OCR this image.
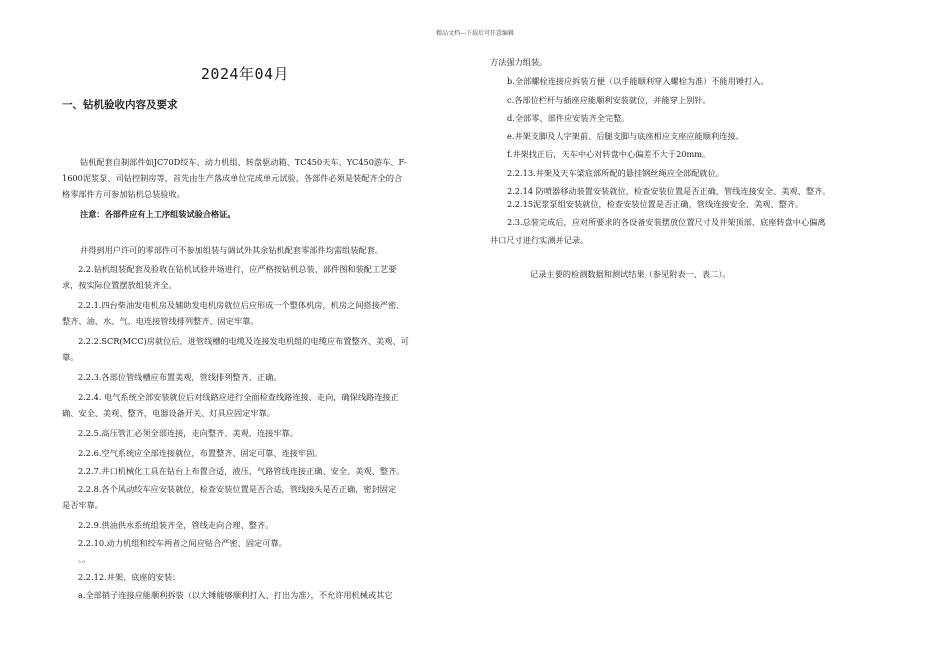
精品文档---下载后可任意编辑
2024年04月
一、钻机验收内容及要求
钻机配套自制部件如JC70D绞车、动力机组、转盘驱动箱、TC450天车、YC450游车、F-
1600泥浆泵、司钻控制房等，首先由生产落成单位完成单元试验，各部件必须是装配齐全的合
格零部件方可参加钻机总装验收。
注意：各部件应有上工序组装试验合格证。
并得到用户许可的零部件可不参加组装与调试外其余钻机配套零部件均需组装配套。
2.2.钻机组装配套及验收在钻机试验井场进行，应严格按钻机总装、部件图和装配工艺要
求，按实际位置摆放组装齐全。
2.2.1.四台柴油发电机房及辅助发电机房就位后应形成一个整体机房，机房之间搭接严密、
整齐、油、水、气、电连接管线排列整齐、固定牢靠。
2.2.2.SCR(MCC)房就位后，进管线槽的电缆及连接发电机组的电缆应布置整齐、美观、可
靠。
2.2.3.各部位管线槽应布置美观，管线排列整齐、正确。
2.2.4. 电气系统全部安装就位后对线路应进行全面检查线路连接、走向，确保线路连接正
确、安全、美观、整齐，电器设备开关、灯具应固定牢靠。
2.2.5.高压管汇必须全部连接，走向整齐、美观、连接牢靠。
2.2.6.空气系统应全部连接就位，布置整齐、固定可靠、连接牢固。
2.2.7.井口机械化工具在钻台上布置合适，液压、气路管线连接正确、安全、美观、整齐。
2.2.8.各个风动绞车应安装就位，检查安装位置是否合适，管线接头是否正确，密封固定
是否牢靠。
2.2.9.供油供水系统组装齐全，管线走向合理、整齐。
2.2.10.动力机组和绞车两者之间应贴合严密、固定可靠。
。。
2.2.12.井架、底座的安装：
a.全部销子连接应能顺利拆装（以大锤能够顺利打入、打出为准），不允许用机械或其它
方法强力组装。
b.全部螺栓连接应拆装方便（以手能顺利穿入螺栓为准）不能用锤打入。
c.各部位栏杆与插座应能顺利安装就位，并能穿上别针。
d.全部零、部件应安装齐全完整。
e.井架支脚及人字架前、后腿支脚与底座相应支座应能顺利连接。
f.井架找正后，天车中心对转盘中心偏差不大于20mm。
2.2.13.井架及天车梁底部所配的悬挂钢丝绳应全部配就位。
2.2.14 防喷器移动装置安装就位，检查安装位置是否正确，管线连接安全、美观、整齐。
2.2.15泥浆泵组安装就位，检查安装位置是否正确，管线连接安全、美观、整齐。
2.3.总装完成后，应对所要求的各设备安装摆放位置尺寸及井架顶部、底座转盘中心偏离
井口尺寸进行实测并记录。
记录主要的检测数据和测试结果（参见附表一、表二）。
